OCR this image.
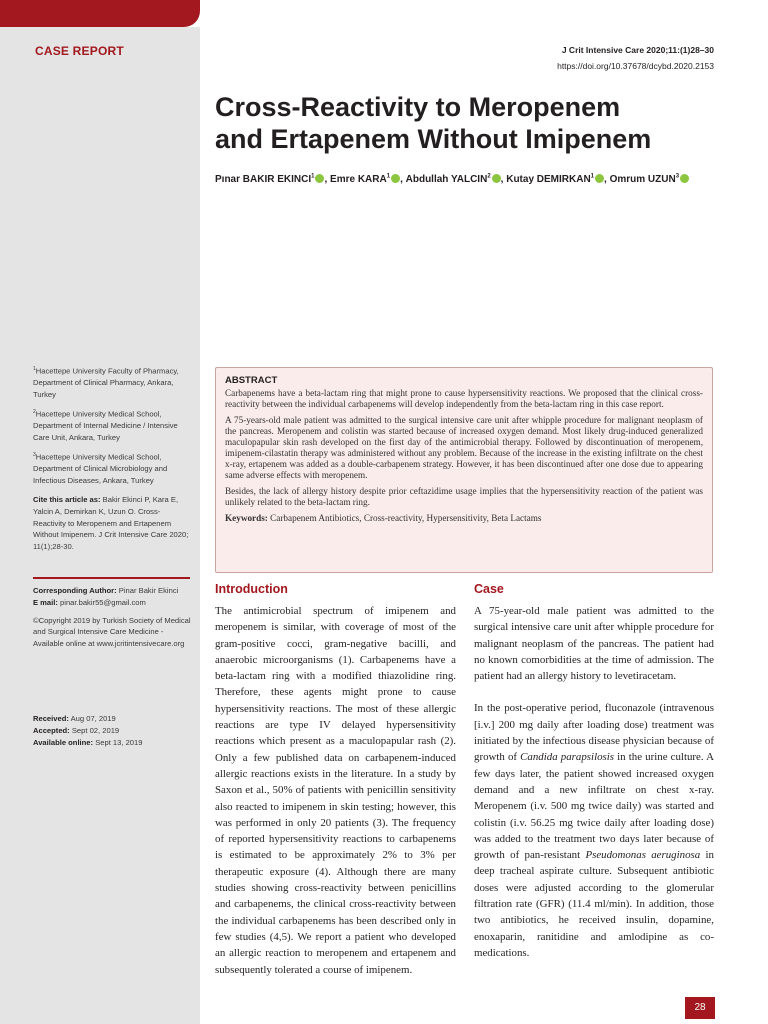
CASE REPORT	J Crit Intensive Care 2020;11:(1)28–30
https://doi.org/10.37678/dcybd.2020.2153
Cross-Reactivity to Meropenem
and Ertapenem Without Imipenem
Pınar BAKIR EKINCI$^1$ , Emre KARA$^1$ , Abdullah YALCIN$^2$ , Kutay DEMIRKAN$^1$ , Omrum UZUN$^3$

$^1$Hacettepe University Faculty of Pharmacy, Department of Clinical Pharmacy, Ankara, Turkey

$^2$Hacettepe University Medical School, Department of Internal Medicine / Intensive Care Unit, Ankara, Turkey

$^3$Hacettepe University Medical School, Department of Clinical Microbiology and Infectious Diseases, Ankara, Turkey

Cite this article as: Bakir Ekinci P, Kara E, Yalcin A, Demirkan K, Uzun O. Cross-Reactivity to Meropenem and Ertapenem Without Imipenem. J Crit Intensive Care 2020; 11(1);28-30.

Corresponding Author: Pinar Bakir Ekinci

E mail: pinar.bakir55@gmail.com

©Copyright 2019 by Turkish Society of Medical and Surgical Intensive Care Medicine - Available online at www.jcritintensivecare.org

Received: Aug 07, 2019

Accepted: Sept 02, 2019

Available online: Sept 13, 2019

ABSTRACT

Carbapenems have a beta-lactam ring that might prone to cause hypersensitivity reactions. We proposed that the clinical cross-reactivity between the individual carbapenems will develop independently from the beta-lactam ring in this case report.

A 75-years-old male patient was admitted to the surgical intensive care unit after whipple procedure for malignant neoplasm of the pancreas. Meropenem and colistin was started because of increased oxygen demand. Most likely drug-induced generalized maculopapular skin rash developed on the first day of the antimicrobial therapy. Followed by discontinuation of meropenem, imipenem-cilastatin therapy was administered without any problem. Because of the increase in the existing infiltrate on the chest x-ray, ertapenem was added as a double-carbapenem strategy. However, it has been discontinued after one dose due to appearing same adverse effects with meropenem.

Besides, the lack of allergy history despite prior ceftazidime usage implies that the hypersensitivity reaction of the patient was unlikely related to the beta-lactam ring.

Keywords: Carbapenem Antibiotics, Cross-reactivity, Hypersensitivity, Beta Lactams

Introduction

The antimicrobial spectrum of imipenem and meropenem is similar, with coverage of most of the gram-positive cocci, gram-negative bacilli, and anaerobic microorganisms (1). Carbapenems have a beta-lactam ring with a modified thiazolidine ring. Therefore, these agents might prone to cause hypersensitivity reactions. The most of these allergic reactions are type IV delayed hypersensitivity reactions which present as a maculopapular rash (2). Only a few published data on carbapenem-induced allergic reactions exists in the literature. In a study by Saxon et al., 50% of patients with penicillin sensitivity also reacted to imipenem in skin testing; however, this was performed in only 20 patients (3). The frequency of reported hypersensitivity reactions to carbapenems is estimated to be approximately 2% to 3% per therapeutic exposure (4). Although there are many studies showing cross-reactivity between penicillins and carbapenems, the clinical cross-reactivity between the individual carbapenems has been described only in few studies (4,5). We report a patient who developed an allergic reaction to meropenem and ertapenem and subsequently tolerated a course of imipenem.

Case

A 75-year-old male patient was admitted to the surgical intensive care unit after whipple procedure for malignant neoplasm of the pancreas. The patient had no known comorbidities at the time of admission. The patient had an allergy history to levetiracetam.

In the post-operative period, fluconazole (intravenous [i.v.] 200 mg daily after loading dose) treatment was initiated by the infectious disease physician because of growth of Candida parapsilosis in the urine culture. A few days later, the patient showed increased oxygen demand and a new infiltrate on chest x-ray. Meropenem (i.v. 500 mg twice daily) was started and colistin (i.v. 56.25 mg twice daily after loading dose) was added to the treatment two days later because of growth of pan-resistant Pseudomonas aeruginosa in deep tracheal aspirate culture. Subsequent antibiotic doses were adjusted according to the glomerular filtration rate (GFR) (11.4 ml/min). In addition, those two antibiotics, he received insulin, dopamine, enoxaparin, ranitidine and amlodipine as co-medications.

28
